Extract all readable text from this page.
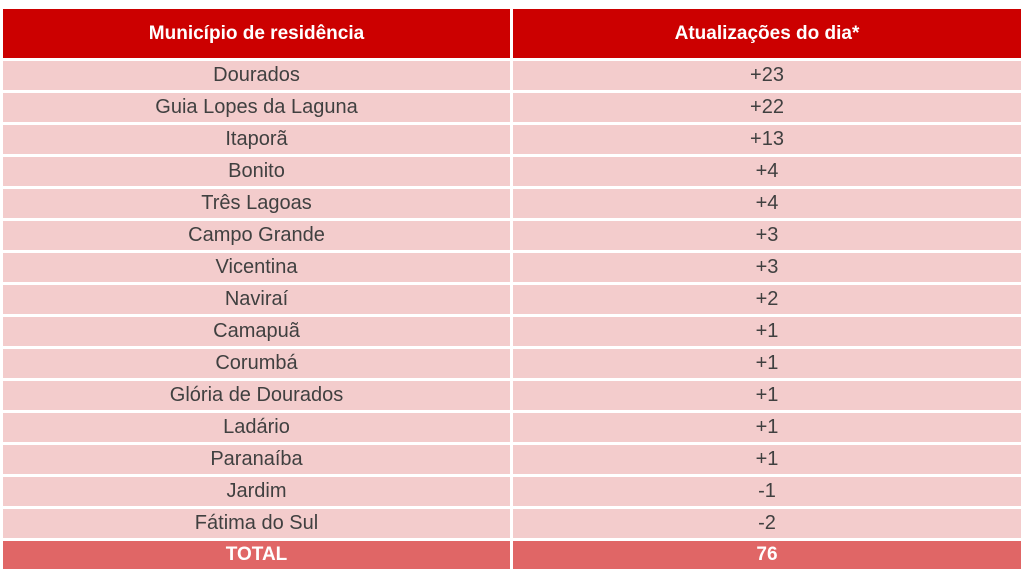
Município de residência	Atualizações do dia*
Dourados	+23
Guia Lopes da Laguna	+22
Itaporã	+13
Bonito	+4
Três Lagoas	+4
Campo Grande	+3
Vicentina	+3
Naviraí	+2
Camapuã	+1
Corumbá	+1
Glória de Dourados	+1
Ladário	+1
Paranaíba	+1
Jardim	-1
Fátima do Sul	-2
TOTAL	76
